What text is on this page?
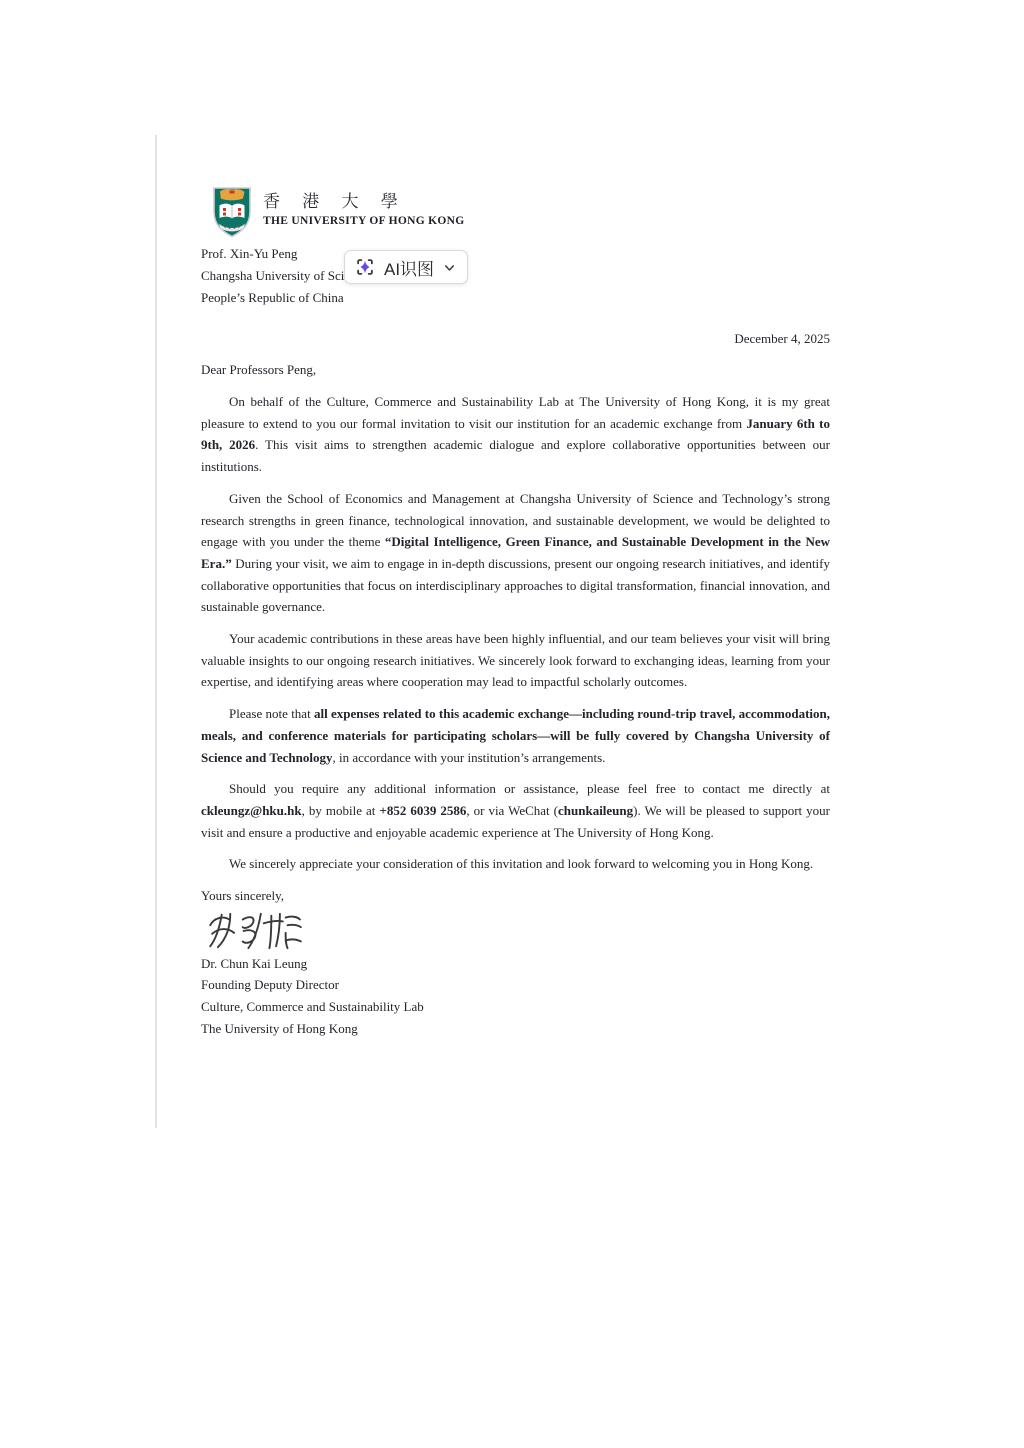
香 港 大 學
THE UNIVERSITY OF HONG KONG
Prof. Xin-Yu Peng
Changsha University of Sci
People’s Republic of China
AI识图
December 4, 2025
Dear Professors Peng,

On behalf of the Culture, Commerce and Sustainability Lab at The University of Hong Kong, it is my great pleasure to extend to you our formal invitation to visit our institution for an academic exchange from January 6th to 9th, 2026. This visit aims to strengthen academic dialogue and explore collaborative opportunities between our institutions.

Given the School of Economics and Management at Changsha University of Science and Technology’s strong research strengths in green finance, technological innovation, and sustainable development, we would be delighted to engage with you under the theme “Digital Intelligence, Green Finance, and Sustainable Development in the New Era.” During your visit, we aim to engage in in-depth discussions, present our ongoing research initiatives, and identify collaborative opportunities that focus on interdisciplinary approaches to digital transformation, financial innovation, and sustainable governance.

Your academic contributions in these areas have been highly influential, and our team believes your visit will bring valuable insights to our ongoing research initiatives. We sincerely look forward to exchanging ideas, learning from your expertise, and identifying areas where cooperation may lead to impactful scholarly outcomes.

Please note that all expenses related to this academic exchange—including round-trip travel, accommodation, meals, and conference materials for participating scholars—will be fully covered by Changsha University of Science and Technology, in accordance with your institution’s arrangements.

Should you require any additional information or assistance, please feel free to contact me directly at ckleungz@hku.hk, by mobile at +852 6039 2586, or via WeChat (chunkaileung). We will be pleased to support your visit and ensure a productive and enjoyable academic experience at The University of Hong Kong.

We sincerely appreciate your consideration of this invitation and look forward to welcoming you in Hong Kong.

Yours sincerely,

Dr. Chun Kai Leung
Founding Deputy Director
Culture, Commerce and Sustainability Lab
The University of Hong Kong
